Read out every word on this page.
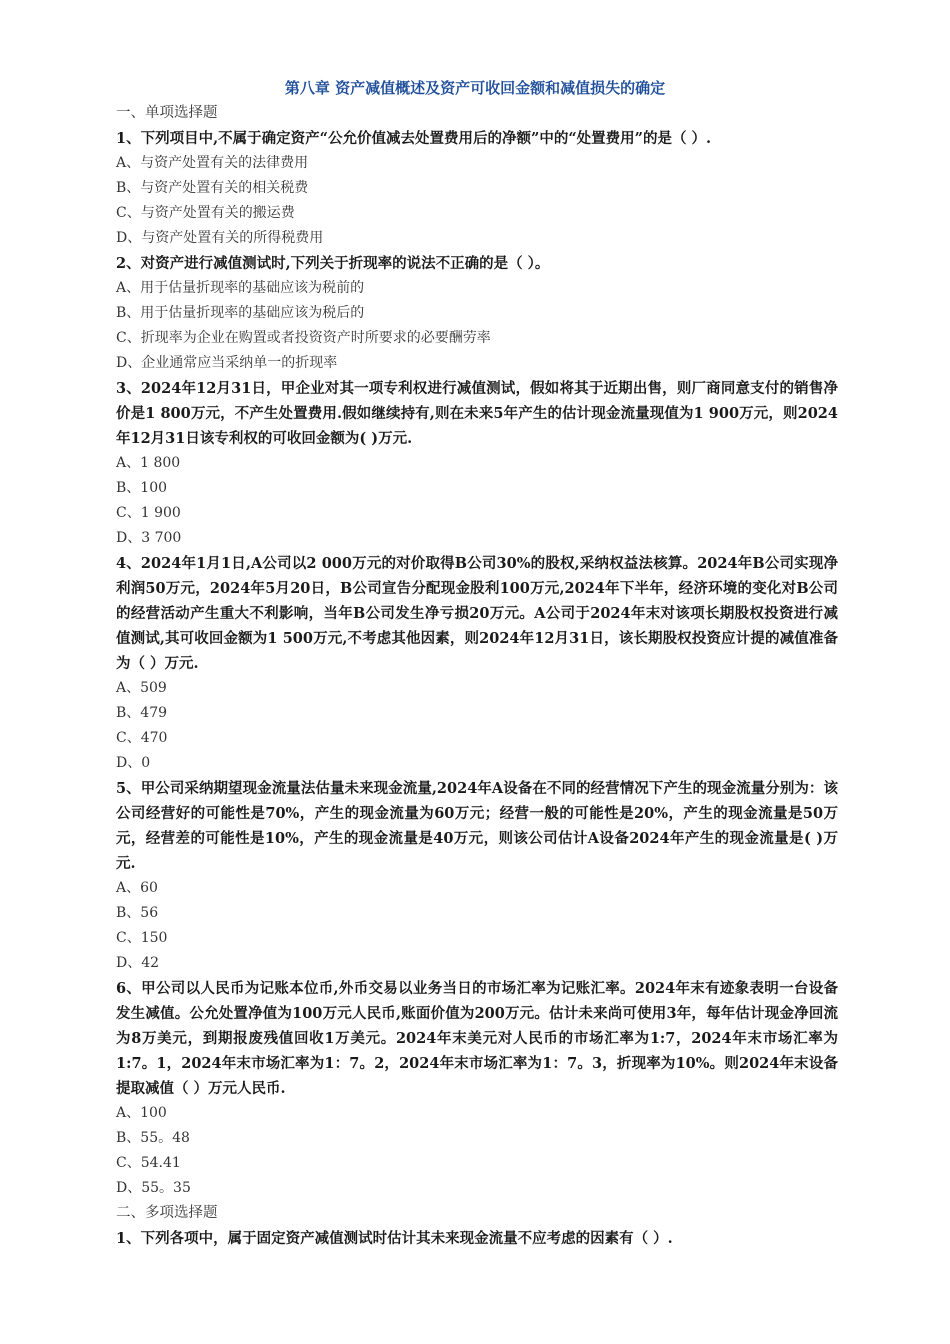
第八章 资产减值概述及资产可收回金额和减值损失的确定
一、单项选择题
1、下列项目中,不属于确定资产“公允价值减去处置费用后的净额”中的“处置费用”的是（ ）.
A、与资产处置有关的法律费用
B、与资产处置有关的相关税费
C、与资产处置有关的搬运费
D、与资产处置有关的所得税费用
2、对资产进行减值测试时,下列关于折现率的说法不正确的是（ ）。
A、用于估量折现率的基础应该为税前的
B、用于估量折现率的基础应该为税后的
C、折现率为企业在购置或者投资资产时所要求的必要酬劳率
D、企业通常应当采纳单一的折现率
3、2024年12月31日，甲企业对其一项专利权进行减值测试，假如将其于近期出售，则厂商同意支付的销售净价是1 800万元，不产生处置费用.假如继续持有,则在未来5年产生的估计现金流量现值为1 900万元，则2024年12月31日该专利权的可收回金额为( )万元.
A、1 800
B、100
C、1 900
D、3 700
4、2024年1月1日,A公司以2 000万元的对价取得B公司30%的股权,采纳权益法核算。2024年B公司实现净利润50万元，2024年5月20日，B公司宣告分配现金股利100万元,2024年下半年，经济环境的变化对B公司的经营活动产生重大不利影响，当年B公司发生净亏损20万元。A公司于2024年末对该项长期股权投资进行减值测试,其可收回金额为1 500万元,不考虑其他因素，则2024年12月31日，该长期股权投资应计提的减值准备为（ ）万元.
A、509
B、479
C、470
D、0
5、甲公司采纳期望现金流量法估量未来现金流量,2024年A设备在不同的经营情况下产生的现金流量分别为：该公司经营好的可能性是70%，产生的现金流量为60万元；经营一般的可能性是20%，产生的现金流量是50万元，经营差的可能性是10%，产生的现金流量是40万元，则该公司估计A设备2024年产生的现金流量是( )万元.
A、60
B、56
C、150
D、42
6、甲公司以人民币为记账本位币,外币交易以业务当日的市场汇率为记账汇率。2024年末有迹象表明一台设备发生减值。公允处置净值为100万元人民币,账面价值为200万元。估计未来尚可使用3年，每年估计现金净回流为8万美元，到期报废残值回收1万美元。2024年末美元对人民币的市场汇率为1:7，2024年末市场汇率为1:7。1，2024年末市场汇率为1：7。2，2024年末市场汇率为1：7。3，折现率为10%。则2024年末设备提取减值（ ）万元人民币.
A、100
B、55。48
C、54.41
D、55。35
二、多项选择题
1、下列各项中，属于固定资产减值测试时估计其未来现金流量不应考虑的因素有（ ）.
